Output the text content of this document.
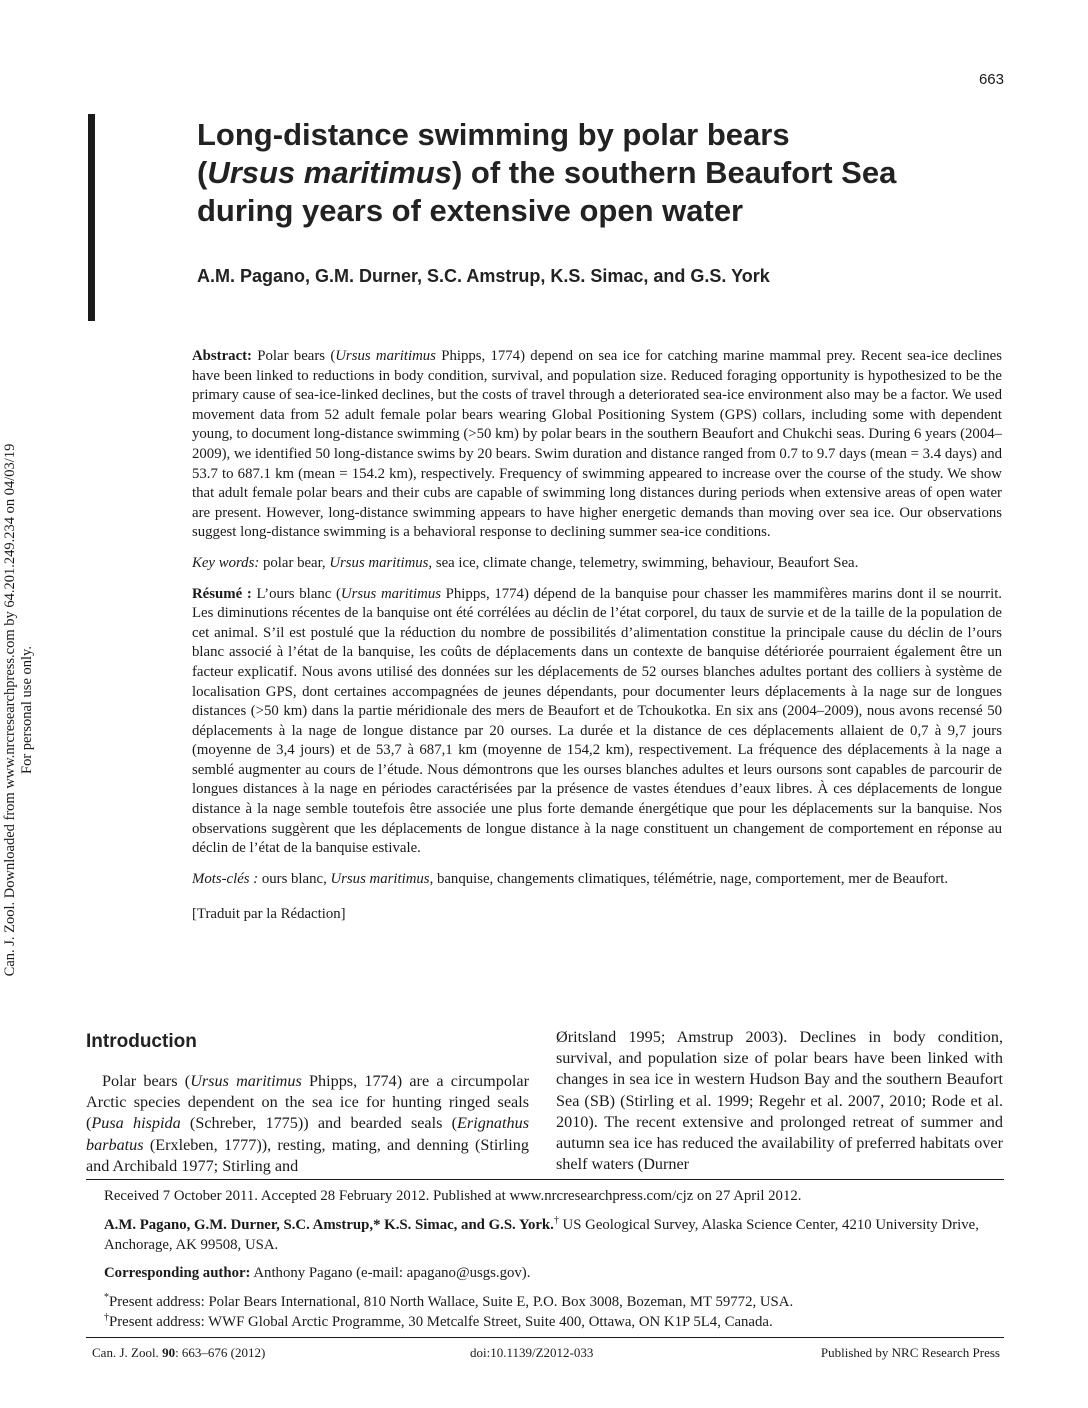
663
Can. J. Zool. Downloaded from www.nrcresearchpress.com by 64.201.249.234 on 04/03/19 For personal use only.
Long-distance swimming by polar bears
(Ursus maritimus) of the southern Beaufort Sea
during years of extensive open water

A.M. Pagano, G.M. Durner, S.C. Amstrup, K.S. Simac, and G.S. York

Abstract: Polar bears (Ursus maritimus Phipps, 1774) depend on sea ice for catching marine mammal prey. Recent sea-ice declines have been linked to reductions in body condition, survival, and population size. Reduced foraging opportunity is hypothesized to be the primary cause of sea-ice-linked declines, but the costs of travel through a deteriorated sea-ice environment also may be a factor. We used movement data from 52 adult female polar bears wearing Global Positioning System (GPS) collars, including some with dependent young, to document long-distance swimming (>50 km) by polar bears in the southern Beaufort and Chukchi seas. During 6 years (2004–2009), we identified 50 long-distance swims by 20 bears. Swim duration and distance ranged from 0.7 to 9.7 days (mean = 3.4 days) and 53.7 to 687.1 km (mean = 154.2 km), respectively. Frequency of swimming appeared to increase over the course of the study. We show that adult female polar bears and their cubs are capable of swimming long distances during periods when extensive areas of open water are present. However, long-distance swimming appears to have higher energetic demands than moving over sea ice. Our observations suggest long-distance swimming is a behavioral response to declining summer sea-ice conditions.

Key words: polar bear, Ursus maritimus, sea ice, climate change, telemetry, swimming, behaviour, Beaufort Sea.

Résumé : L’ours blanc (Ursus maritimus Phipps, 1774) dépend de la banquise pour chasser les mammifères marins dont il se nourrit. Les diminutions récentes de la banquise ont été corrélées au déclin de l’état corporel, du taux de survie et de la taille de la population de cet animal. S’il est postulé que la réduction du nombre de possibilités d’alimentation constitue la principale cause du déclin de l’ours blanc associé à l’état de la banquise, les coûts de déplacements dans un contexte de banquise détériorée pourraient également être un facteur explicatif. Nous avons utilisé des données sur les déplacements de 52 ourses blanches adultes portant des colliers à système de localisation GPS, dont certaines accompagnées de jeunes dépendants, pour documenter leurs déplacements à la nage sur de longues distances (>50 km) dans la partie méridionale des mers de Beaufort et de Tchoukotka. En six ans (2004–2009), nous avons recensé 50 déplacements à la nage de longue distance par 20 ourses. La durée et la distance de ces déplacements allaient de 0,7 à 9,7 jours (moyenne de 3,4 jours) et de 53,7 à 687,1 km (moyenne de 154,2 km), respectivement. La fréquence des déplacements à la nage a semblé augmenter au cours de l’étude. Nous démontrons que les ourses blanches adultes et leurs oursons sont capables de parcourir de longues distances à la nage en périodes caractérisées par la présence de vastes étendues d’eaux libres. À ces déplacements de longue distance à la nage semble toutefois être associée une plus forte demande énergétique que pour les déplacements sur la banquise. Nos observations suggèrent que les déplacements de longue distance à la nage constituent un changement de comportement en réponse au déclin de l’état de la banquise estivale.

Mots-clés : ours blanc, Ursus maritimus, banquise, changements climatiques, télémétrie, nage, comportement, mer de Beaufort.

[Traduit par la Rédaction]

Introduction

Polar bears (Ursus maritimus Phipps, 1774) are a circumpolar Arctic species dependent on the sea ice for hunting ringed seals (Pusa hispida (Schreber, 1775)) and bearded seals (Erignathus barbatus (Erxleben, 1777)), resting, mating, and denning (Stirling and Archibald 1977; Stirling and

Øritsland 1995; Amstrup 2003). Declines in body condition, survival, and population size of polar bears have been linked with changes in sea ice in western Hudson Bay and the southern Beaufort Sea (SB) (Stirling et al. 1999; Regehr et al. 2007, 2010; Rode et al. 2010). The recent extensive and prolonged retreat of summer and autumn sea ice has reduced the availability of preferred habitats over shelf waters (Durner

Received 7 October 2011. Accepted 28 February 2012. Published at www.nrcresearchpress.com/cjz on 27 April 2012.

A.M. Pagano, G.M. Durner, S.C. Amstrup,* K.S. Simac, and G.S. York.† US Geological Survey, Alaska Science Center, 4210 University Drive, Anchorage, AK 99508, USA.

Corresponding author: Anthony Pagano (e-mail: apagano@usgs.gov).

*Present address: Polar Bears International, 810 North Wallace, Suite E, P.O. Box 3008, Bozeman, MT 59772, USA.

†Present address: WWF Global Arctic Programme, 30 Metcalfe Street, Suite 400, Ottawa, ON K1P 5L4, Canada.

Can. J. Zool. 90: 663–676 (2012)	doi:10.1139/Z2012-033	Published by NRC Research Press
